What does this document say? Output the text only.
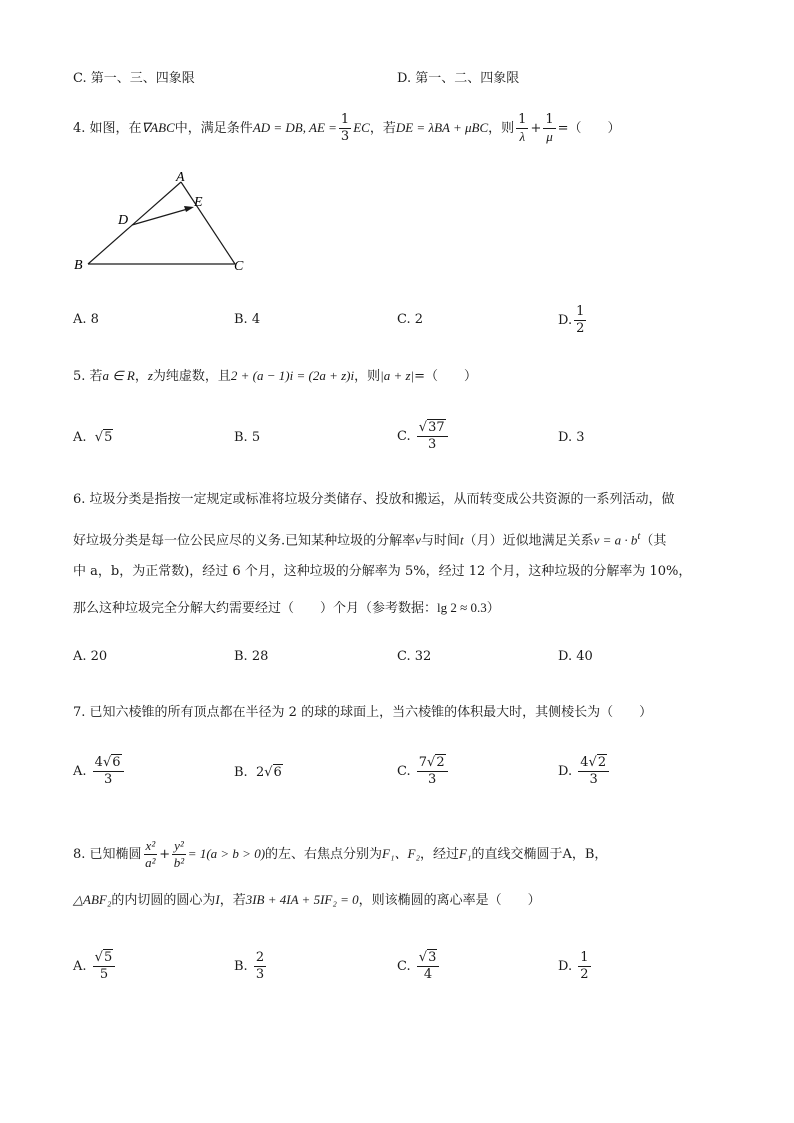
C. 第一、三、四象限	D. 第一、二、四象限
4. 如图，在∇ABC中，满足条件AD = DB, AE = $\frac{1}{3}$ EC，若DE = λBA + μBC，则 $\frac{1}{\lambda} + \frac{1}{\mu}$ =（　　）
A
B	C
D
E
A. 8	B. 4	C. 2	D. $\frac{1}{2}$
5. 若a ∈ R，z为纯虚数，且2 + (a − 1)i = (2a + z)i，则|a + z|=（　　）
A.  √5	B. 5	C. $\frac{√37}{3}$	D. 3
6. 垃圾分类是指按一定规定或标准将垃圾分类储存、投放和搬运，从而转变成公共资源的一系列活动，做
好垃圾分类是每一位公民应尽的义务.已知某种垃圾的分解率v与时间t（月）近似地满足关系$v = a \cdot b^t$（其
中 a，b，为正常数)，经过 6 个月，这种垃圾的分解率为 5%，经过 12 个月，这种垃圾的分解率为 10%，
那么这种垃圾完全分解大约需要经过（　　）个月（参考数据：lg 2 ≈ 0.3）
A. 20	B. 28	C. 32	D. 40
7. 已知六棱锥的所有顶点都在半径为 2 的球的球面上，当六棱锥的体积最大时，其侧棱长为（　　）
A. $\frac{4√6}{3}$	B. 2√6	C. $\frac{7√2}{3}$	D. $\frac{4√2}{3}$
8. 已知椭圆 $\frac{\text{x²}}{\text{a²}} + \frac{\text{y²}}{\text{b²}} = 1(a > b > 0)$的左、右焦点分别为F₁、F₂，经过F₁的直线交椭圆于A，B，
△ABF₂的内切圆的圆心为I，若3IB + 4IA + 5IF₂ = 0，则该椭圆的离心率是（　　）
A. $\frac{√5}{5}$	B. $\frac{2}{3}$	C. $\frac{√3}{4}$	D. $\frac{1}{2}$
